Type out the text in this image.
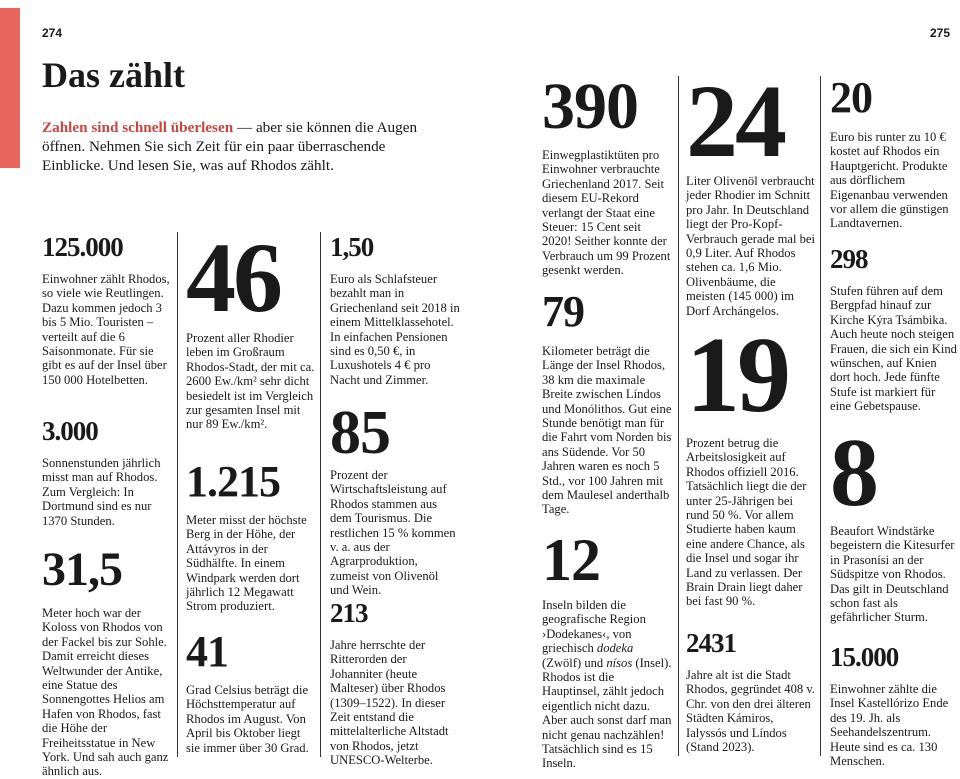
274	275
Das zählt

Zahlen sind schnell überlesen — aber sie können die Augen öffnen. Nehmen Sie sich Zeit für ein paar überraschende Einblicke. Und lesen Sie, was auf Rhodos zählt.

125.000

Einwohner zählt Rhodos, so viele wie Reutlingen. Dazu kommen jedoch 3 bis 5 Mio. Touristen – verteilt auf die 6 Saisonmonate. Für sie gibt es auf der Insel über 150 000 Hotelbetten.

3.000

Sonnenstunden jährlich misst man auf Rhodos. Zum Vergleich: In Dortmund sind es nur 1370 Stunden.

31,5

Meter hoch war der Koloss von Rhodos von der Fackel bis zur Sohle. Damit erreicht dieses Weltwunder der Antike, eine Statue des Sonnengottes Helios am Hafen von Rhodos, fast die Höhe der Freiheitsstatue in New York. Und sah auch ganz ähnlich aus.

46

Prozent aller Rhodier leben im Großraum Rhodos-Stadt, der mit ca. 2600 Ew./km² sehr dicht besiedelt ist im Vergleich zur gesamten Insel mit nur 89 Ew./km².

1.215

Meter misst der höchste Berg in der Höhe, der Attávyros in der Südhälfte. In einem Windpark werden dort jährlich 12 Megawatt Strom produziert.

41

Grad Celsius beträgt die Höchsttemperatur auf Rhodos im August. Von April bis Oktober liegt sie immer über 30 Grad.

1,50

Euro als Schlafsteuer bezahlt man in Griechenland seit 2018 in einem Mittelklassehotel. In einfachen Pensionen sind es 0,50 €, in Luxushotels 4 € pro Nacht und Zimmer.

85

Prozent der Wirtschaftsleistung auf Rhodos stammen aus dem Tourismus. Die restlichen 15 % kommen v. a. aus der Agrarproduktion, zumeist von Olivenöl und Wein.

213

Jahre herrschte der Ritterorden der Johanniter (heute Malteser) über Rhodos (1309–1522). In dieser Zeit entstand die mittelalterliche Altstadt von Rhodos, jetzt UNESCO-Welterbe.

390

Einwegplastiktüten pro Einwohner verbrauchte Griechenland 2017. Seit diesem EU-Rekord verlangt der Staat eine Steuer: 15 Cent seit 2020! Seither konnte der Verbrauch um 99 Prozent gesenkt werden.

79

Kilometer beträgt die Länge der Insel Rhodos, 38 km die maximale Breite zwischen Líndos und Monólithos. Gut eine Stunde benötigt man für die Fahrt vom Norden bis ans Südende. Vor 50 Jahren waren es noch 5 Std., vor 100 Jahren mit dem Maulesel anderthalb Tage.

12

Inseln bilden die geografische Region ›Dodekanes‹, von griechisch dodeka (Zwölf) und nísos (Insel). Rhodos ist die Hauptinsel, zählt jedoch eigentlich nicht dazu. Aber auch sonst darf man nicht genau nachzählen! Tatsächlich sind es 15 Inseln.

24

Liter Olivenöl verbraucht jeder Rhodier im Schnitt pro Jahr. In Deutschland liegt der Pro-Kopf-Verbrauch gerade mal bei 0,9 Liter. Auf Rhodos stehen ca. 1,6 Mio. Olivenbäume, die meisten (145 000) im Dorf Archángelos.

19

Prozent betrug die Arbeitslosigkeit auf Rhodos offiziell 2016. Tatsächlich liegt die der unter 25-Jährigen bei rund 50 %. Vor allem Studierte haben kaum eine andere Chance, als die Insel und sogar ihr Land zu verlassen. Der Brain Drain liegt daher bei fast 90 %.

2431

Jahre alt ist die Stadt Rhodos, gegründet 408 v. Chr. von den drei älteren Städten Kámiros, Ialyssós und Líndos (Stand 2023).

20

Euro bis runter zu 10 € kostet auf Rhodos ein Hauptgericht. Produkte aus dörflichem Eigenanbau verwenden vor allem die günstigen Landtavernen.

298

Stufen führen auf dem Bergpfad hinauf zur Kirche Kýra Tsámbika. Auch heute noch steigen Frauen, die sich ein Kind wünschen, auf Knien dort hoch. Jede fünfte Stufe ist markiert für eine Gebetspause.

8

Beaufort Windstärke begeistern die Kitesurfer in Prasonísi an der Südspitze von Rhodos. Das gilt in Deutschland schon fast als gefährlicher Sturm.

15.000

Einwohner zählte die Insel Kastellórizo Ende des 19. Jh. als Seehandelszentrum. Heute sind es ca. 130 Menschen.
